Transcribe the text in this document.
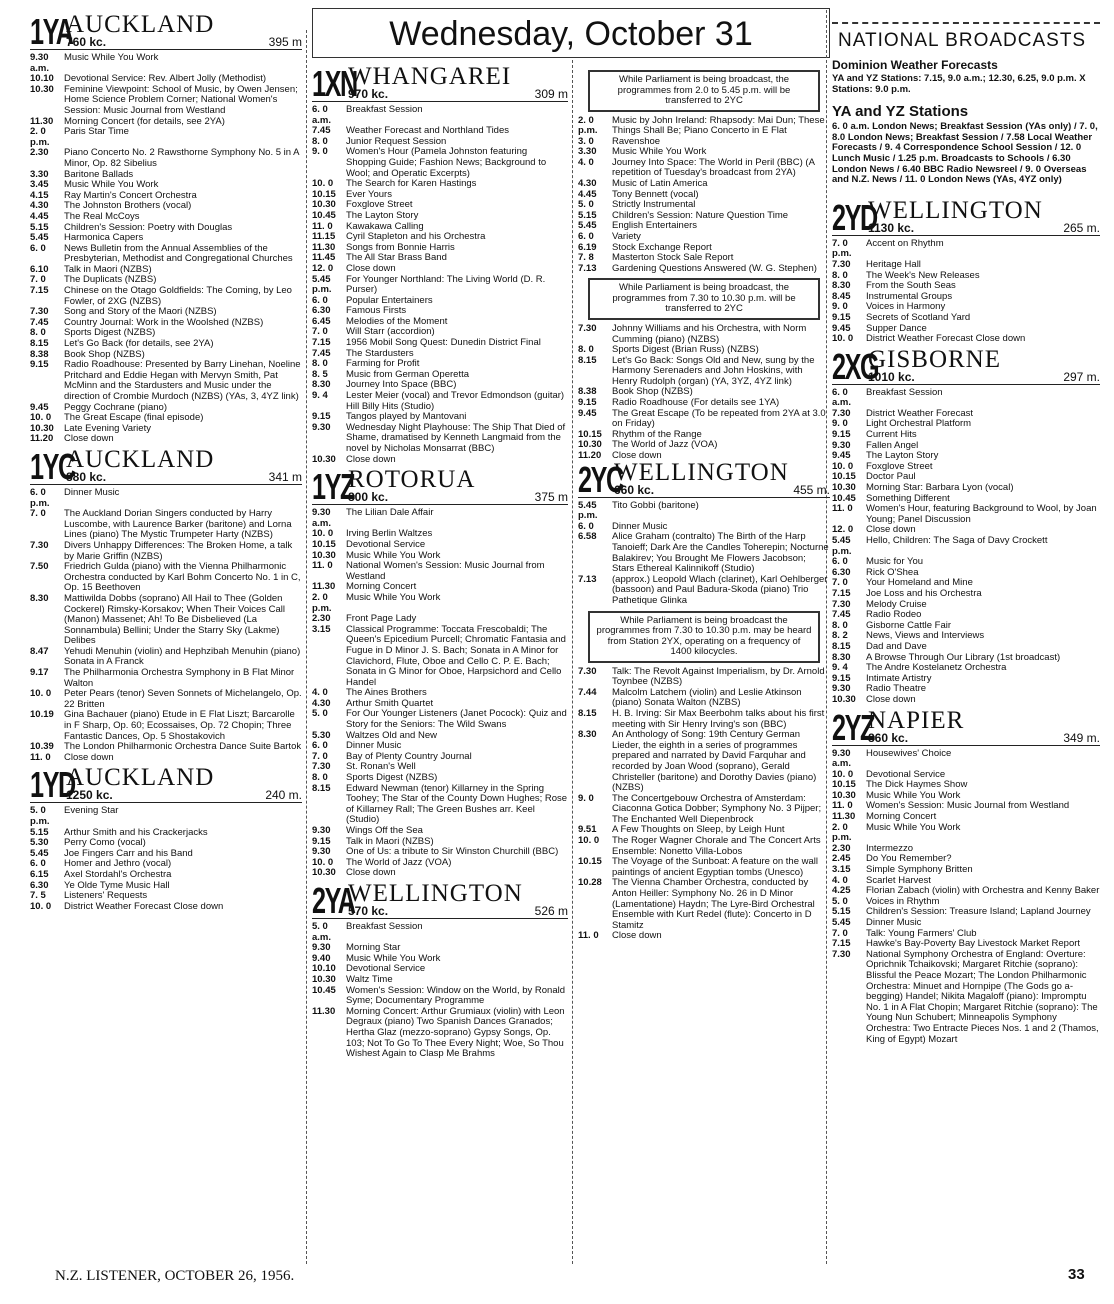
Wednesday, October 31
1YA
AUCKLAND
760 kc.	395 m
9.30 a.m.
Music While You Work
10.10	Devotional Service: Rev. Albert Jolly (Methodist)
10.30	Feminine Viewpoint: School of Music, by Owen Jensen; Home Science Problem Corner; National Women's Session: Music Journal from Westland
11.30	Morning Concert (for details, see 2YA)
2. 0 p.m.
Paris Star Time
2.30	Piano Concerto No. 2 Rawsthorne Symphony No. 5 in A Minor, Op. 82 Sibelius
3.30	Baritone Ballads
3.45	Music While You Work
4.15	Ray Martin's Concert Orchestra
4.30	The Johnston Brothers (vocal)
4.45	The Real McCoys
5.15	Children's Session: Poetry with Douglas
5.45	Harmonica Capers
6. 0	News Bulletin from the Annual Assemblies of the Presbyterian, Methodist and Congregational Churches
6.10	Talk in Maori (NZBS)
7. 0	The Duplicats (NZBS)
7.15	Chinese on the Otago Goldfields: The Coming, by Leo Fowler, of 2XG (NZBS)
7.30	Song and Story of the Maori (NZBS)
7.45	Country Journal: Work in the Woolshed (NZBS)
8. 0	Sports Digest (NZBS)
8.15	Let's Go Back (for details, see 2YA)
8.38	Book Shop (NZBS)
9.15	Radio Roadhouse: Presented by Barry Linehan, Noeline Pritchard and Eddie Hegan with Mervyn Smith, Pat McMinn and the Stardusters and Music under the direction of Crombie Murdoch (NZBS) (YAs, 3, 4YZ link)
9.45	Peggy Cochrane (piano)
10. 0	The Great Escape (final episode)
10.30	Late Evening Variety
11.20	Close down
1YC
AUCKLAND
880 kc.	341 m
6. 0 p.m.
Dinner Music
7. 0	The Auckland Dorian Singers conducted by Harry Luscombe, with Laurence Barker (baritone) and Lorna Lines (piano) The Mystic Trumpeter Harty (NZBS)
7.30	Divers Unhappy Differences: The Broken Home, a talk by Marie Griffin (NZBS)
7.50	Friedrich Gulda (piano) with the Vienna Philharmonic Orchestra conducted by Karl Bohm Concerto No. 1 in C, Op. 15 Beethoven
8.30	Mattiwilda Dobbs (soprano) All Hail to Thee (Golden Cockerel) Rimsky-Korsakov; When Their Voices Call (Manon) Massenet; Ah! To Be Disbelieved (La Sonnambula) Bellini; Under the Starry Sky (Lakme) Delibes
8.47	Yehudi Menuhin (violin) and Hephzibah Menuhin (piano) Sonata in A Franck
9.17	The Philharmonia Orchestra Symphony in B Flat Minor Walton
10. 0	Peter Pears (tenor) Seven Sonnets of Michelangelo, Op. 22 Britten
10.19	Gina Bachauer (piano) Etude in E Flat Liszt; Barcarolle in F Sharp, Op. 60; Ecossaises, Op. 72 Chopin; Three Fantastic Dances, Op. 5 Shostakovich
10.39	The London Philharmonic Orchestra Dance Suite Bartok
11. 0	Close down
1YD
AUCKLAND
1250 kc.	240 m.
5. 0 p.m.
Evening Star
5.15	Arthur Smith and his Crackerjacks
5.30	Perry Como (vocal)
5.45	Joe Fingers Carr and his Band
6. 0	Homer and Jethro (vocal)
6.15	Axel Stordahl's Orchestra
6.30	Ye Olde Tyme Music Hall
7. 5	Listeners' Requests
10. 0	District Weather Forecast Close down
1XN
WHANGAREI
970 kc.	309 m
6. 0 a.m.
Breakfast Session
7.45	Weather Forecast and Northland Tides
8. 0	Junior Request Session
9. 0	Women's Hour (Pamela Johnston featuring Shopping Guide; Fashion News; Background to Wool; and Operatic Excerpts)
10. 0	The Search for Karen Hastings
10.15	Ever Yours
10.30	Foxglove Street
10.45	The Layton Story
11. 0	Kawakawa Calling
11.15	Cyril Stapleton and his Orchestra
11.30	Songs from Bonnie Harris
11.45	The All Star Brass Band
12. 0	Close down
5.45 p.m.
For Younger Northland: The Living World (D. R. Purser)
6. 0	Popular Entertainers
6.30	Famous Firsts
6.45	Melodies of the Moment
7. 0	Will Starr (accordion)
7.15	1956 Mobil Song Quest: Dunedin District Final
7.45	The Stardusters
8. 0	Farming for Profit
8. 5	Music from German Operetta
8.30	Journey Into Space (BBC)
9. 4	Lester Meier (vocal) and Trevor Edmondson (guitar) Hill Billy Hits (Studio)
9.15	Tangos played by Mantovani
9.30	Wednesday Night Playhouse: The Ship That Died of Shame, dramatised by Kenneth Langmaid from the novel by Nicholas Monsarrat (BBC)
10.30	Close down
1YZ
ROTORUA
800 kc.	375 m
9.30 a.m.
The Lilian Dale Affair
10. 0	Irving Berlin Waltzes
10.15	Devotional Service
10.30	Music While You Work
11. 0	National Women's Session: Music Journal from Westland
11.30	Morning Concert
2. 0 p.m.
Music While You Work
2.30	Front Page Lady
3.15	Classical Programme: Toccata Frescobaldi; The Queen's Epicedium Purcell; Chromatic Fantasia and Fugue in D Minor J. S. Bach; Sonata in A Minor for Clavichord, Flute, Oboe and Cello C. P. E. Bach; Sonata in G Minor for Oboe, Harpsichord and Cello Handel
4. 0	The Aines Brothers
4.30	Arthur Smith Quartet
5. 0	For Our Younger Listeners (Janet Pocock): Quiz and Story for the Seniors: The Wild Swans
5.30	Waltzes Old and New
6. 0	Dinner Music
7. 0	Bay of Plenty Country Journal
7.30	St. Ronan's Well
8. 0	Sports Digest (NZBS)
8.15	Edward Newman (tenor) Killarney in the Spring Toohey; The Star of the County Down Hughes; Rose of Killarney Rall; The Green Bushes arr. Keel (Studio)
9.30	Wings Off the Sea
9.15	Talk in Maori (NZBS)
9.30	One of Us: a tribute to Sir Winston Churchill (BBC)
10. 0	The World of Jazz (VOA)
10.30	Close down
2YA
WELLINGTON
570 kc.	526 m
5. 0 a.m.
Breakfast Session
9.30	Morning Star
9.40	Music While You Work
10.10	Devotional Service
10.30	Waltz Time
10.45	Women's Session: Window on the World, by Ronald Syme; Documentary Programme
11.30	Morning Concert: Arthur Grumiaux (violin) with Leon Degraux (piano) Two Spanish Dances Granados; Hertha Glaz (mezzo-soprano) Gypsy Songs, Op. 103; Not To Go To Thee Every Night; Woe, So Thou Wishest Again to Clasp Me Brahms
While Parliament is being broadcast, the programmes from 2.0 to 5.45 p.m. will be transferred to 2YC
2. 0 p.m.
Music by John Ireland: Rhapsody: Mai Dun; These Things Shall Be; Piano Concerto in E Flat
3. 0	Ravenshoe
3.30	Music While You Work
4. 0	Journey Into Space: The World in Peril (BBC) (A repetition of Tuesday's broadcast from 2YA)
4.30	Music of Latin America
4.45	Tony Bennett (vocal)
5. 0	Strictly Instrumental
5.15	Children's Session: Nature Question Time
5.45	English Entertainers
6. 0	Variety
6.19	Stock Exchange Report
7. 8	Masterton Stock Sale Report
7.13	Gardening Questions Answered (W. G. Stephen)
While Parliament is being broadcast, the programmes from 7.30 to 10.30 p.m. will be transferred to 2YC
7.30	Johnny Williams and his Orchestra, with Norm Cumming (piano) (NZBS)
8. 0	Sports Digest (Brian Russ) (NZBS)
8.15	Let's Go Back: Songs Old and New, sung by the Harmony Serenaders and John Hoskins, with Henry Rudolph (organ) (YA, 3YZ, 4YZ link)
8.38	Book Shop (NZBS)
9.15	Radio Roadhouse (For details see 1YA)
9.45	The Great Escape (To be repeated from 2YA at 3.0 on Friday)
10.15	Rhythm of the Range
10.30	The World of Jazz (VOA)
11.20	Close down
2YC
WELLINGTON
660 kc.	455 m.
5.45 p.m.
Tito Gobbi (baritone)
6. 0	Dinner Music
6.58	Alice Graham (contralto) The Birth of the Harp Tanoieff; Dark Are the Candles Toherepin; Nocturne Balakirev; You Brought Me Flowers Jacobson; Stars Ethereal Kalinnikoff (Studio)
7.13	(approx.) Leopold Wlach (clarinet), Karl Oehlberger (bassoon) and Paul Badura-Skoda (piano) Trio Pathetique Glinka
While Parliament is being broadcast the programmes from 7.30 to 10.30 p.m. may be heard from Station 2YX, operating on a frequency of 1400 kilocycles.
7.30	Talk: The Revolt Against Imperialism, by Dr. Arnold Toynbee (NZBS)
7.44	Malcolm Latchem (violin) and Leslie Atkinson (piano) Sonata Walton (NZBS)
8.15	H. B. Irving: Sir Max Beerbohm talks about his first meeting with Sir Henry Irving's son (BBC)
8.30	An Anthology of Song: 19th Century German Lieder, the eighth in a series of programmes prepared and narrated by David Farquhar and recorded by Joan Wood (soprano), Gerald Christeller (baritone) and Dorothy Davies (piano) (NZBS)
9. 0	The Concertgebouw Orchestra of Amsterdam: Ciaconna Gotica Dobber; Symphony No. 3 Pijper; The Enchanted Well Diepenbrock
9.51	A Few Thoughts on Sleep, by Leigh Hunt
10. 0	The Roger Wagner Chorale and The Concert Arts Ensemble: Nonetto Villa-Lobos
10.15	The Voyage of the Sunboat: A feature on the wall paintings of ancient Egyptian tombs (Unesco)
10.28	The Vienna Chamber Orchestra, conducted by Anton Heiller: Symphony No. 26 in D Minor (Lamentatione) Haydn; The Lyre-Bird Orchestral Ensemble with Kurt Redel (flute): Concerto in D Stamitz
11. 0	Close down
NATIONAL BROADCASTS
Dominion Weather Forecasts

YA and YZ Stations: 7.15, 9.0 a.m.; 12.30, 6.25, 9.0 p.m. X Stations: 9.0 p.m.

YA and YZ Stations

6. 0 a.m. London News; Breakfast Session (YAs only) / 7. 0, 8.0 London News; Breakfast Session / 7.58 Local Weather Forecasts / 9. 4 Correspondence School Session / 12. 0 Lunch Music / 1.25 p.m. Broadcasts to Schools / 6.30 London News / 6.40 BBC Radio Newsreel / 9. 0 Overseas and N.Z. News / 11. 0 London News (YAs, 4YZ only)

2YD
WELLINGTON
1130 kc.	265 m.
7. 0 p.m.
Accent on Rhythm
7.30	Heritage Hall
8. 0	The Week's New Releases
8.30	From the South Seas
8.45	Instrumental Groups
9. 0	Voices in Harmony
9.15	Secrets of Scotland Yard
9.45	Supper Dance
10. 0	District Weather Forecast Close down
2XG
GISBORNE
1010 kc.	297 m.
6. 0 a.m.
Breakfast Session
7.30	District Weather Forecast
9. 0	Light Orchestral Platform
9.15	Current Hits
9.30	Fallen Angel
9.45	The Layton Story
10. 0	Foxglove Street
10.15	Doctor Paul
10.30	Morning Star: Barbara Lyon (vocal)
10.45	Something Different
11. 0	Women's Hour, featuring Background to Wool, by Joan Young; Panel Discussion
12. 0	Close down
5.45 p.m.
Hello, Children: The Saga of Davy Crockett
6. 0	Music for You
6.30	Rick O'Shea
7. 0	Your Homeland and Mine
7.15	Joe Loss and his Orchestra
7.30	Melody Cruise
7.45	Radio Rodeo
8. 0	Gisborne Cattle Fair
8. 2	News, Views and Interviews
8.15	Dad and Dave
8.30	A Browse Through Our Library (1st broadcast)
9. 4	The Andre Kostelanetz Orchestra
9.15	Intimate Artistry
9.30	Radio Theatre
10.30	Close down
2YZ
NAPIER
860 kc.	349 m.
9.30 a.m.
Housewives' Choice
10. 0	Devotional Service
10.15	The Dick Haymes Show
10.30	Music While You Work
11. 0	Women's Session: Music Journal from Westland
11.30	Morning Concert
2. 0 p.m.
Music While You Work
2.30	Intermezzo
2.45	Do You Remember?
3.15	Simple Symphony Britten
4. 0	Scarlet Harvest
4.25	Florian Zabach (violin) with Orchestra and Kenny Baker
5. 0	Voices in Rhythm
5.15	Children's Session: Treasure Island; Lapland Journey
5.45	Dinner Music
7. 0	Talk: Young Farmers' Club
7.15	Hawke's Bay-Poverty Bay Livestock Market Report
7.30	National Symphony Orchestra of England: Overture: Oprichnik Tchaikovski; Margaret Ritchie (soprano): Blissful the Peace Mozart; The London Philharmonic Orchestra: Minuet and Hornpipe (The Gods go a-begging) Handel; Nikita Magaloff (piano): Impromptu No. 1 in A Flat Chopin; Margaret Ritchie (soprano): The Young Nun Schubert; Minneapolis Symphony Orchestra: Two Entracte Pieces Nos. 1 and 2 (Thamos, King of Egypt) Mozart
N.Z. LISTENER, OCTOBER 26, 1956.	33
